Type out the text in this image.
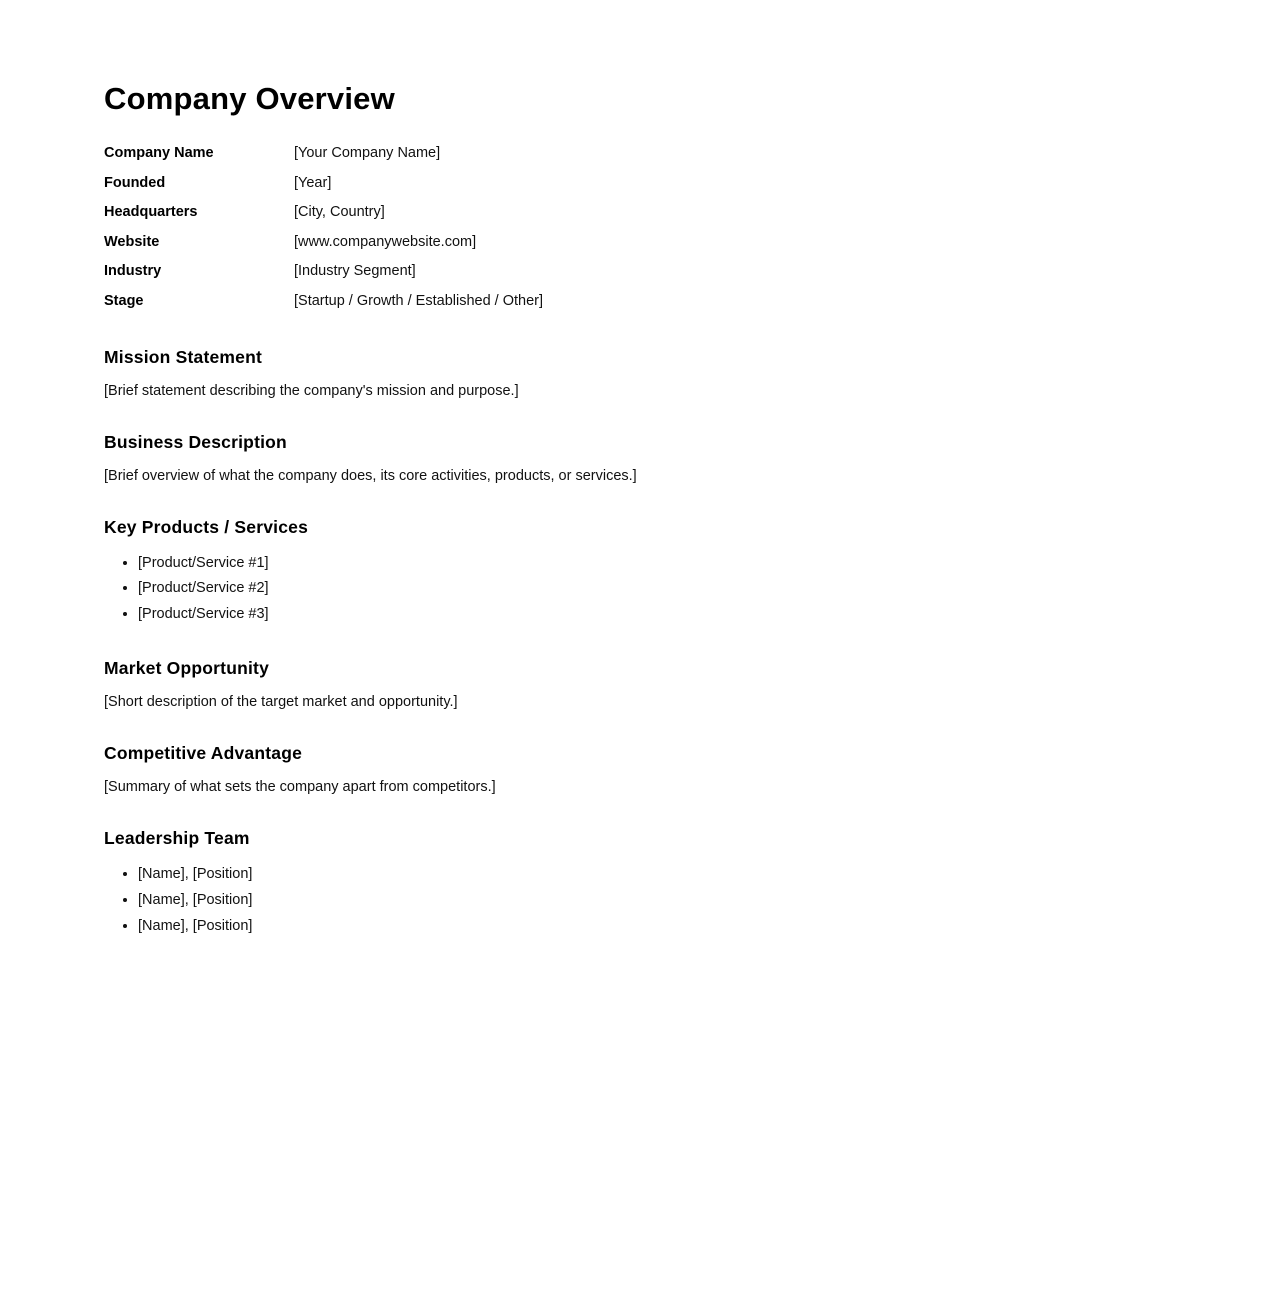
Company Overview
Company Name	[Your Company Name]
Founded	[Year]
Headquarters	[City, Country]
Website	[www.companywebsite.com]
Industry	[Industry Segment]
Stage	[Startup / Growth / Established / Other]
Mission Statement

[Brief statement describing the company's mission and purpose.]

Business Description

[Brief overview of what the company does, its core activities, products, or services.]

Key Products / Services
• [Product/Service #1]
• [Product/Service #2]
• [Product/Service #3]
Market Opportunity

[Short description of the target market and opportunity.]

Competitive Advantage

[Summary of what sets the company apart from competitors.]

Leadership Team
• [Name], [Position]
• [Name], [Position]
• [Name], [Position]
